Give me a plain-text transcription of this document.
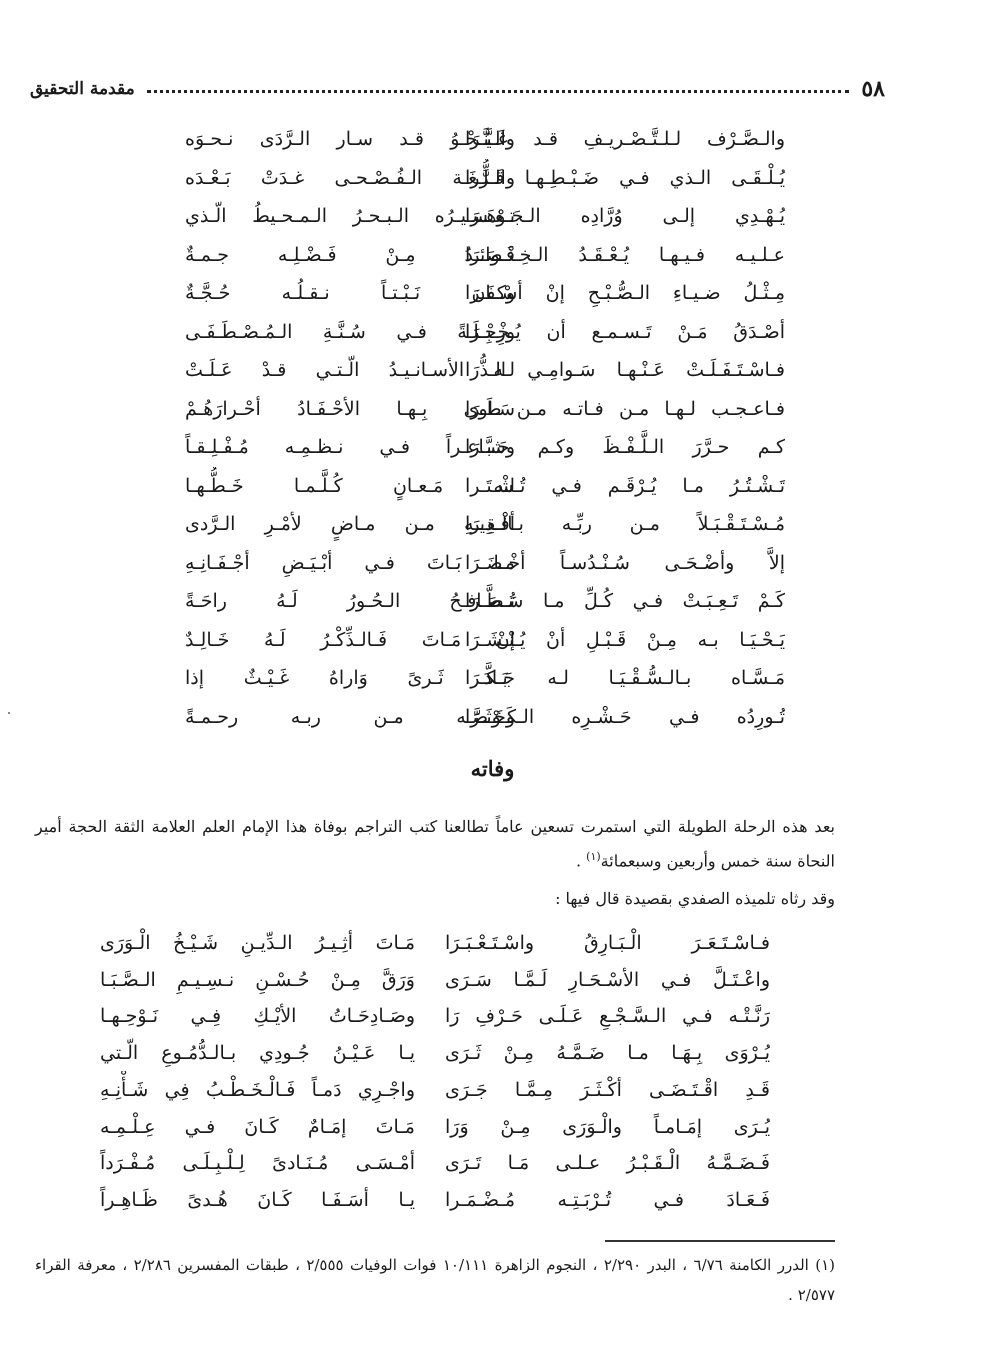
٥٨
مقدمة التحقيق
والـنَّـحْـوُ قـد سـار الـرَّدَى نـحـوَه
والـصَّـرْف لـلـتَّـصْـريـفِ قـد غَـيَّـرَا
والـلُّـغَـة الـفُـصْـحـى غـدَتْ بَـعْـدَه
يُـلْـقَـى الـذي فـي ضَـبْـطِـهـا قَـرَّرا
تـفـسـيـرُه الـبـحـرُ الـمـحـيطُ الّـذي
يُـهْـدِي إلـى وُرَّادِه الـجَـوْهَـرَا
فَـوائـدُ مِـنْ فَـضْـلِـه جـمـةٌ
عـلـيـه فـيـهـا يُـعْـقَـدُ الـخِـنْـصَـرَا
وكـان نَـبْـتـاً نـقـلُـه حُـجَّـةٌ
مِـثْـلُ ضـيـاءِ الـصُّـبْـحِ إنْ أسْـفَـرَا
ورِحْـلَـةً فـي سُـنَّـةِ الـمُـصْـطَـفَـى
أصْـدَقُ مَـنْ تَـسـمـع أن يُـخْـبِـرَا
لـه الأسـانـيـدُ الّـتـي قـدْ عَـلَـتْ
فـاسْـتَـفَـلَـتْ عَـنْـهـا سَـوامِـي الـذُّرَا
سَـاوى بِـهـا الأحْـفَـادُ أحْـرارَهُـمْ
فـاعـجـب لـهـا مـن فـاتـه مـن طَـرَا
وشـاعـراً فـي نـظـمِـه مُـفْـلِـقـاً
كـم حـرَّرَ الـلَّـفْـظَ وكـم حَـبَّـرَا
لـه مَـعـانٍ كُـلَّـمـا خَـطُّـهـا
تَـشْـتُـرُ مـا يُـرْقَـم فـي تُـشْـتَـرا
أفْـدِيـهِ مـن مـاضٍ لأمْـرِ الـرَّدى
مُـسْـتَـقْـبَـلاً مـن ربِّـه بـالـقِـرَا
مـا بَـاتَ فـي أبْـيَـضِ أجْـفَـانِـهِ
إلاَّ وأضْـحَـى سُـنْـدُسـاً أخْـضَـرَا
تُـصَـافِـحُ الـحُـورُ لَـهُ راحَـةً
كَـمْ تَـعِـبَـتْ فـي كُـلِّ مـا سَـطَّـرَا
إنْ مَـاتَ فَـالـذِّكْـرُ لَـهُ خَـالِـدٌ
يَـحْـيَـا بـه مِـنْ قَـبْـلِ أنْ يُـنْـشَـرَا
جَـادَ ثَـرىً وَاراهُ غَـيْـثٌ إذا
مَـسَّـاه بـالـسُّـقْـيَـا لـه بَـكَّـرَا
وخَـصَّـه مـن ربـه رحـمـةً
تُـورِدُه فـي حَـشْـرِه الـكَـوْثَـرَا
وفاته
بعد هذه الرحلة الطويلة التي استمرت تسعين عاماً تطالعنا كتب التراجم بوفاة هذا الإمام العلم العلامة الثقة الحجة أمير النحاة سنة خمس وأربعين وسبعمائة$^{(١)}$ .
وقد رثاه تلميذه الصفدي بقصيدة قال فيها :
مَـاتَ أثِـيـرُ الـدِّيـنِ شَـيْـخُ الْـوَرَى فـاسْـتَـعَـرَ الْـبَـارِقُ واسْـتَـعْـبَـرَا
وَرَقَّ مِـنْ حُـسْـنِ نـسِـيـمِ الـصَّـبَـا واعْـتَـلَّ فـي الأسْـحَـارِ لَـمَّـا سَـرَى
وصَـادِحَـاتُ الأيْـكِ فِـي نَـوْحِـهـا رَنَّـتْـه فـي الـسَّـجْـعِ عَـلَـى حَـرْفِ رَا
يـا عَـيْـنُ جُـودِي بـالـدُّمُـوعِ الّـتي يُـرْوَى بِـهَـا مـا ضَـمَّـهُ مِـنْ ثَـرَى
واجْـرِي دَمـاً فَـالْـخَـطْـبُ فِي شَـأْنِـهِ قَـدِ اقْـتَـضَـى أكْـثَـرَ مِـمَّـا جَـرَى
مَـاتَ إمَـامٌ كَـانَ فـي عِـلْـمِـه يُـرَى إمَـامـاً والْـوَرَى مِـنْ وَرَا
أمْـسَـى مُـنَـادىً لِـلْـبِـلَـى مُـفْـرَداً فَـضَـمَّـهُ الْـقَـبْـرُ عـلـى مَـا تَـرَى
يـا أسَـفَـا كَـانَ هُـدىً ظَـاهِـراً فَـعَـادَ فـي تُـرْبَـتِـه مُـضْـمَـرا
(١) الدرر الكامنة ٦/٧٦ ، البدر ٢/٢٩٠ ، النجوم الزاهرة ١٠/١١١ فوات الوفيات ٢/٥٥٥ ، طبقات المفسرين ٢/٢٨٦ ، معرفة القراء ٢/٥٧٧ .
